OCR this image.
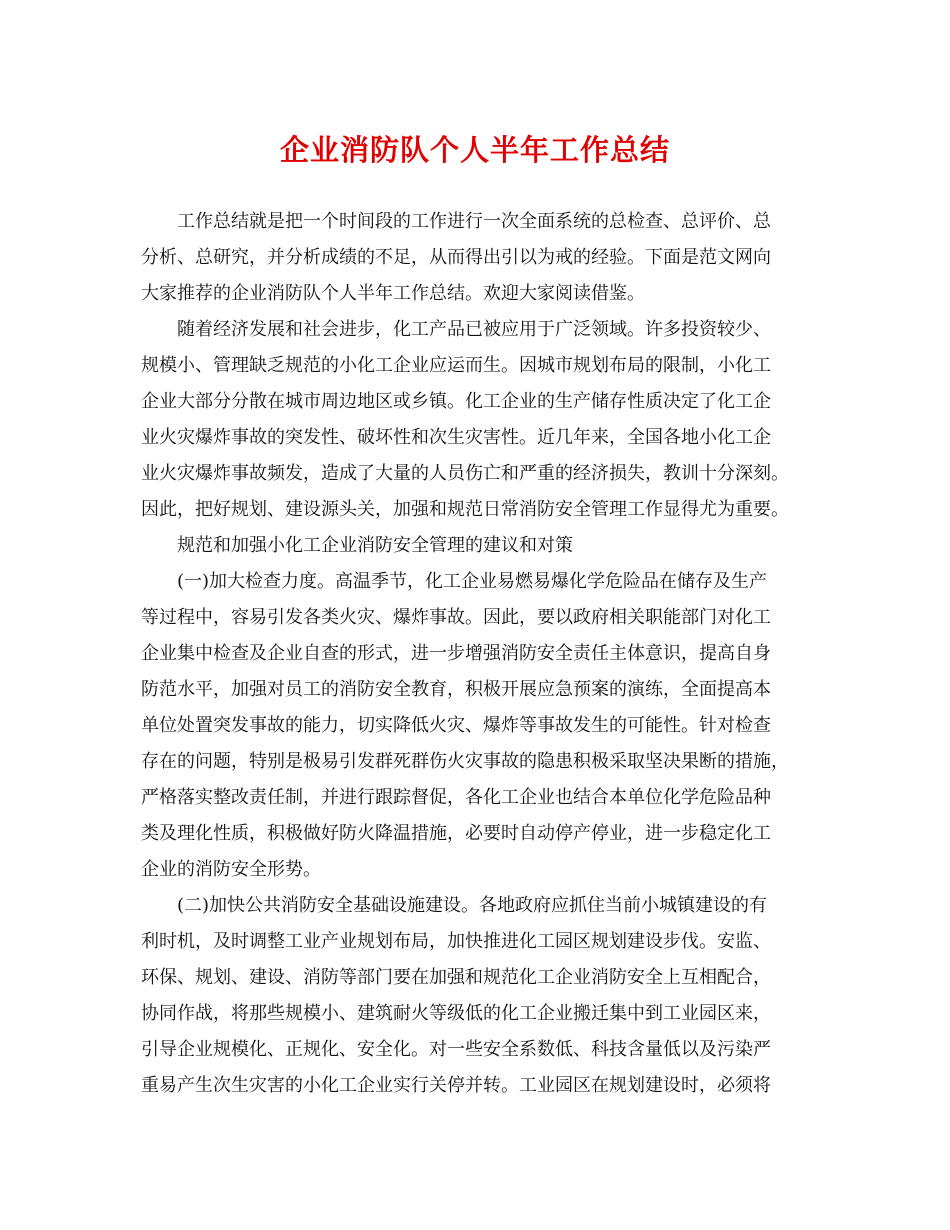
企业消防队个人半年工作总结

工作总结就是把一个时间段的工作进行一次全面系统的总检查、总评价、总
分析、总研究，并分析成绩的不足，从而得出引以为戒的经验。下面是范文网向
大家推荐的企业消防队个人半年工作总结。欢迎大家阅读借鉴。

随着经济发展和社会进步，化工产品已被应用于广泛领域。许多投资较少、
规模小、管理缺乏规范的小化工企业应运而生。因城市规划布局的限制，小化工
企业大部分分散在城市周边地区或乡镇。化工企业的生产储存性质决定了化工企
业火灾爆炸事故的突发性、破坏性和次生灾害性。近几年来，全国各地小化工企
业火灾爆炸事故频发，造成了大量的人员伤亡和严重的经济损失，教训十分深刻。
因此，把好规划、建设源头关，加强和规范日常消防安全管理工作显得尤为重要。

规范和加强小化工企业消防安全管理的建议和对策

(一)加大检查力度。高温季节，化工企业易燃易爆化学危险品在储存及生产
等过程中，容易引发各类火灾、爆炸事故。因此，要以政府相关职能部门对化工
企业集中检查及企业自查的形式，进一步增强消防安全责任主体意识，提高自身
防范水平，加强对员工的消防安全教育，积极开展应急预案的演练，全面提高本
单位处置突发事故的能力，切实降低火灾、爆炸等事故发生的可能性。针对检查
存在的问题，特别是极易引发群死群伤火灾事故的隐患积极采取坚决果断的措施，
严格落实整改责任制，并进行跟踪督促，各化工企业也结合本单位化学危险品种
类及理化性质，积极做好防火降温措施，必要时自动停产停业，进一步稳定化工
企业的消防安全形势。

(二)加快公共消防安全基础设施建设。各地政府应抓住当前小城镇建设的有
利时机，及时调整工业产业规划布局，加快推进化工园区规划建设步伐。安监、
环保、规划、建设、消防等部门要在加强和规范化工企业消防安全上互相配合，
协同作战，将那些规模小、建筑耐火等级低的化工企业搬迁集中到工业园区来，
引导企业规模化、正规化、安全化。对一些安全系数低、科技含量低以及污染严
重易产生次生灾害的小化工企业实行关停并转。工业园区在规划建设时，必须将
